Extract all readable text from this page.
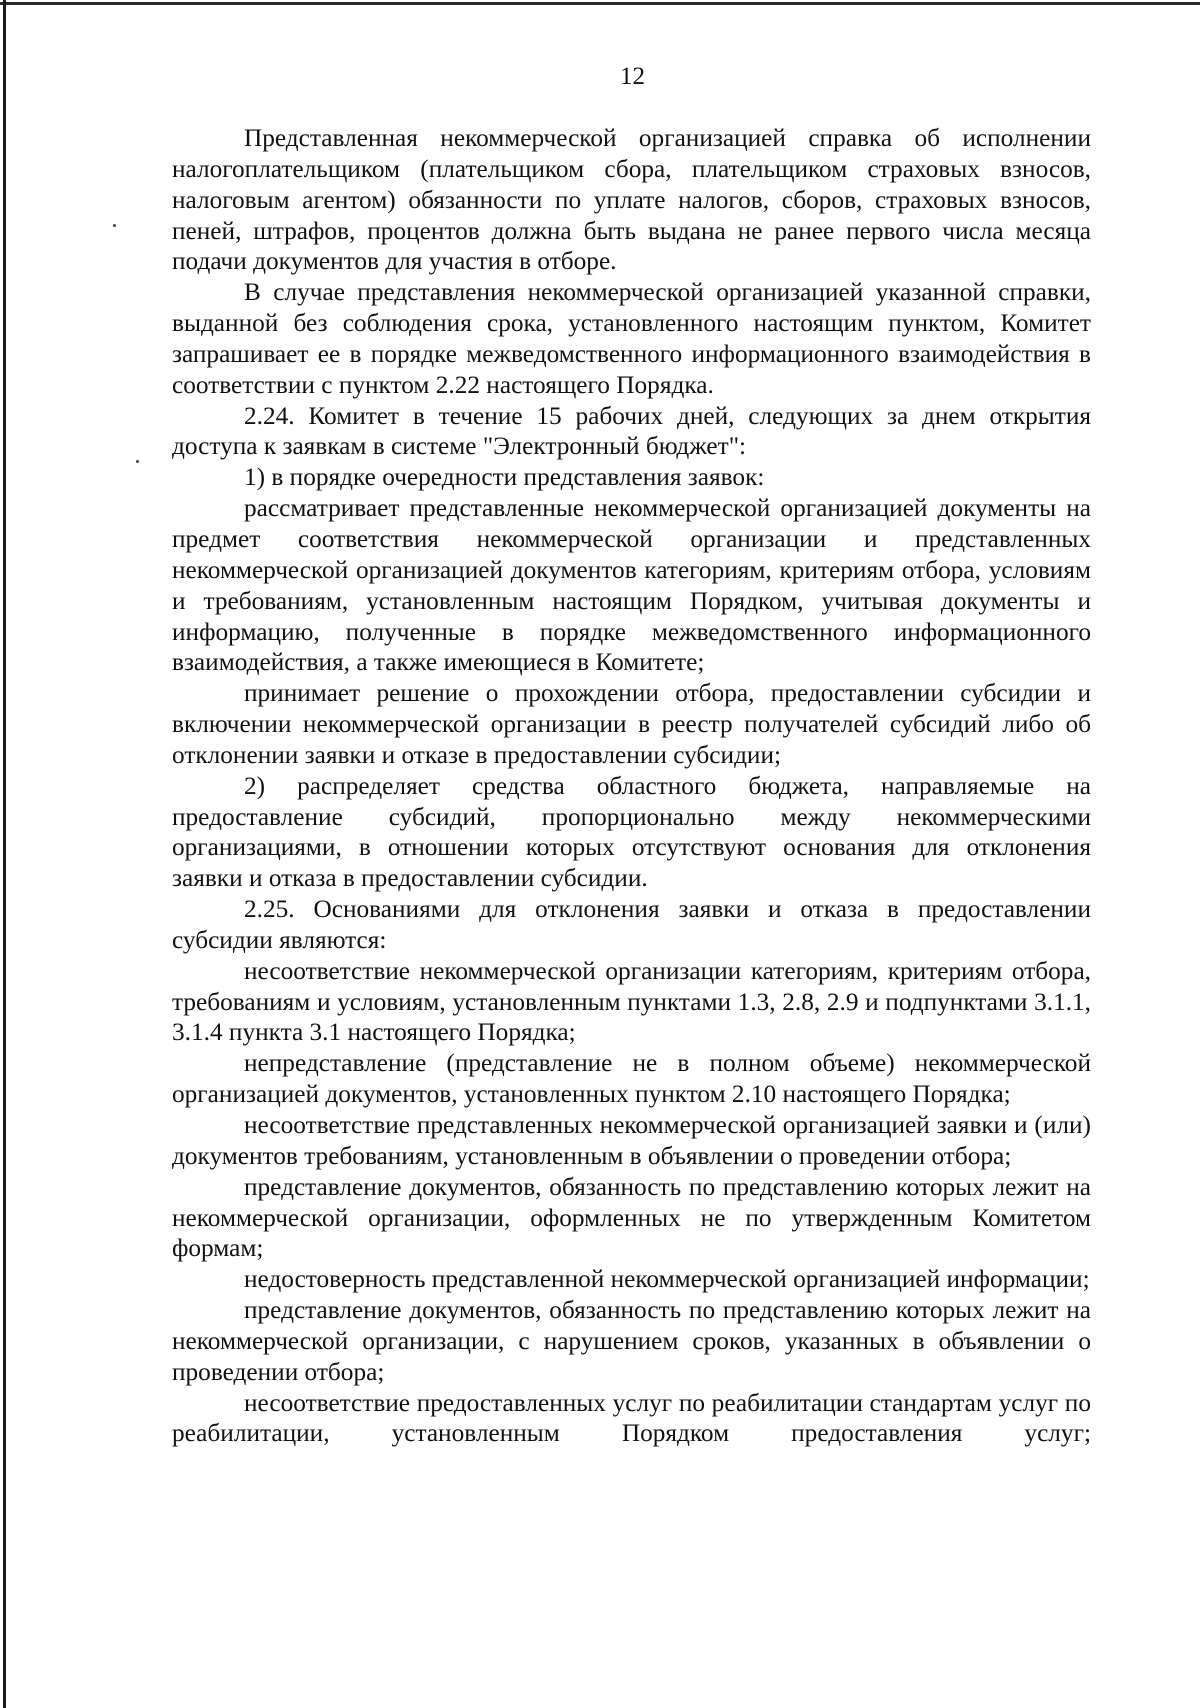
12

Представленная некоммерческой организацией справка об исполнении налогоплательщиком (плательщиком сбора, плательщиком страховых взносов, налоговым агентом) обязанности по уплате налогов, сборов, страховых взносов, пеней, штрафов, процентов должна быть выдана не ранее первого числа месяца подачи документов для участия в отборе.

В случае представления некоммерческой организацией указанной справки, выданной без соблюдения срока, установленного настоящим пунктом, Комитет запрашивает ее в порядке межведомственного информационного взаимодействия в соответствии с пунктом 2.22 настоящего Порядка.

2.24. Комитет в течение 15 рабочих дней, следующих за днем открытия доступа к заявкам в системе "Электронный бюджет":

1) в порядке очередности представления заявок:

рассматривает представленные некоммерческой организацией документы на предмет соответствия некоммерческой организации и представленных некоммерческой организацией документов категориям, критериям отбора, условиям и требованиям, установленным настоящим Порядком, учитывая документы и информацию, полученные в порядке межведомственного информационного взаимодействия, а также имеющиеся в Комитете;

принимает решение о прохождении отбора, предоставлении субсидии и включении некоммерческой организации в реестр получателей субсидий либо об отклонении заявки и отказе в предоставлении субсидии;

2) распределяет средства областного бюджета, направляемые на предоставление субсидий, пропорционально между некоммерческими организациями, в отношении которых отсутствуют основания для отклонения заявки и отказа в предоставлении субсидии.

2.25. Основаниями для отклонения заявки и отказа в предоставлении субсидии являются:

несоответствие некоммерческой организации категориям, критериям отбора, требованиям и условиям, установленным пунктами 1.3, 2.8, 2.9 и подпунктами 3.1.1, 3.1.4 пункта 3.1 настоящего Порядка;

непредставление (представление не в полном объеме) некоммерческой организацией документов, установленных пунктом 2.10 настоящего Порядка;

несоответствие представленных некоммерческой организацией заявки и (или) документов требованиям, установленным в объявлении о проведении отбора;

представление документов, обязанность по представлению которых лежит на некоммерческой организации, оформленных не по утвержденным Комитетом формам;

недостоверность представленной некоммерческой организацией информации;

представление документов, обязанность по представлению которых лежит на некоммерческой организации, с нарушением сроков, указанных в объявлении о проведении отбора;

несоответствие предоставленных услуг по реабилитации стандартам услуг по реабилитации, установленным Порядком предоставления услуг;
